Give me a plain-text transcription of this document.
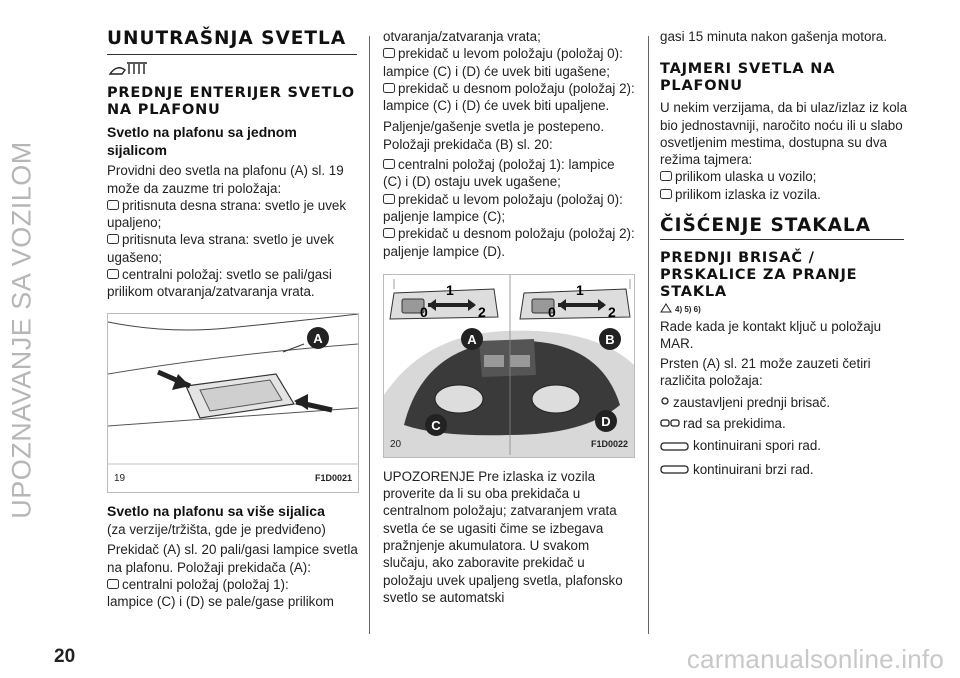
UPOZNAVANJE SA VOZILOM

UNUTRAŠNJA SVETLA

PREDNJE ENTERIJER SVETLO NA PLAFONU

Svetlo na plafonu sa jednom sijalicom

Providni deo svetla na plafonu (A) sl. 19 može da zauzme tri položaja:

pritisnuta desna strana: svetlo je uvek upaljeno;

pritisnuta leva strana: svetlo je uvek ugašeno;

centralni položaj: svetlo se pali/gasi prilikom otvaranja/zatvaranja vrata.

A
19	F1D0021

Svetlo na plafonu sa više sijalica

(za verzije/tržišta, gde je predviđeno)

Prekidač (A) sl. 20 pali/gasi lampice svetla na plafonu. Položaji prekidača (A):

centralni položaj (položaj 1):

lampice (C) i (D) se pale/gase prilikom

otvaranja/zatvaranja vrata;

prekidač u levom položaju (položaj 0): lampice (C) i (D) će uvek biti ugašene;

prekidač u desnom položaju (položaj 2): lampice (C) i (D) će uvek biti upaljene.

Paljenje/gašenje svetla je postepeno. Položaji prekidača (B) sl. 20:

centralni položaj (položaj 1): lampice (C) i (D) ostaju uvek ugašene;

prekidač u levom položaju (položaj 0): paljenje lampice (C);

prekidač u desnom položaju (položaj 2): paljenje lampice (D).

0
1
2	0
1
2
A	B
C	D
20	F1D0022

UPOZORENJE Pre izlaska iz vozila proverite da li su oba prekidača u centralnom položaju; zatvaranjem vrata svetla će se ugasiti čime se izbegava pražnjenje akumulatora. U svakom slučaju, ako zaboravite prekidač u položaju uvek upaljeng svetla, plafonsko svetlo se automatski

gasi 15 minuta nakon gašenja motora.

TAJMERI SVETLA NA PLAFONU

U nekim verzijama, da bi ulaz/izlaz iz kola bio jednostavniji, naročito noću ili u slabo osvetljenim mestima, dostupna su dva režima tajmera:

prilikom ulaska u vozilo;

prilikom izlaska iz vozila.

ČIŠĆENJE STAKALA

PREDNJI BRISAČ / PRSKALICE ZA PRANJE STAKLA

4) 5) 6)

Rade kada je kontakt ključ u položaju MAR.

Prsten (A) sl. 21 može zauzeti četiri različita položaja:

zaustavljeni prednji brisač.

rad sa prekidima.

kontinuirani spori rad.

kontinuirani brzi rad.

20	carmanualsonline.info
